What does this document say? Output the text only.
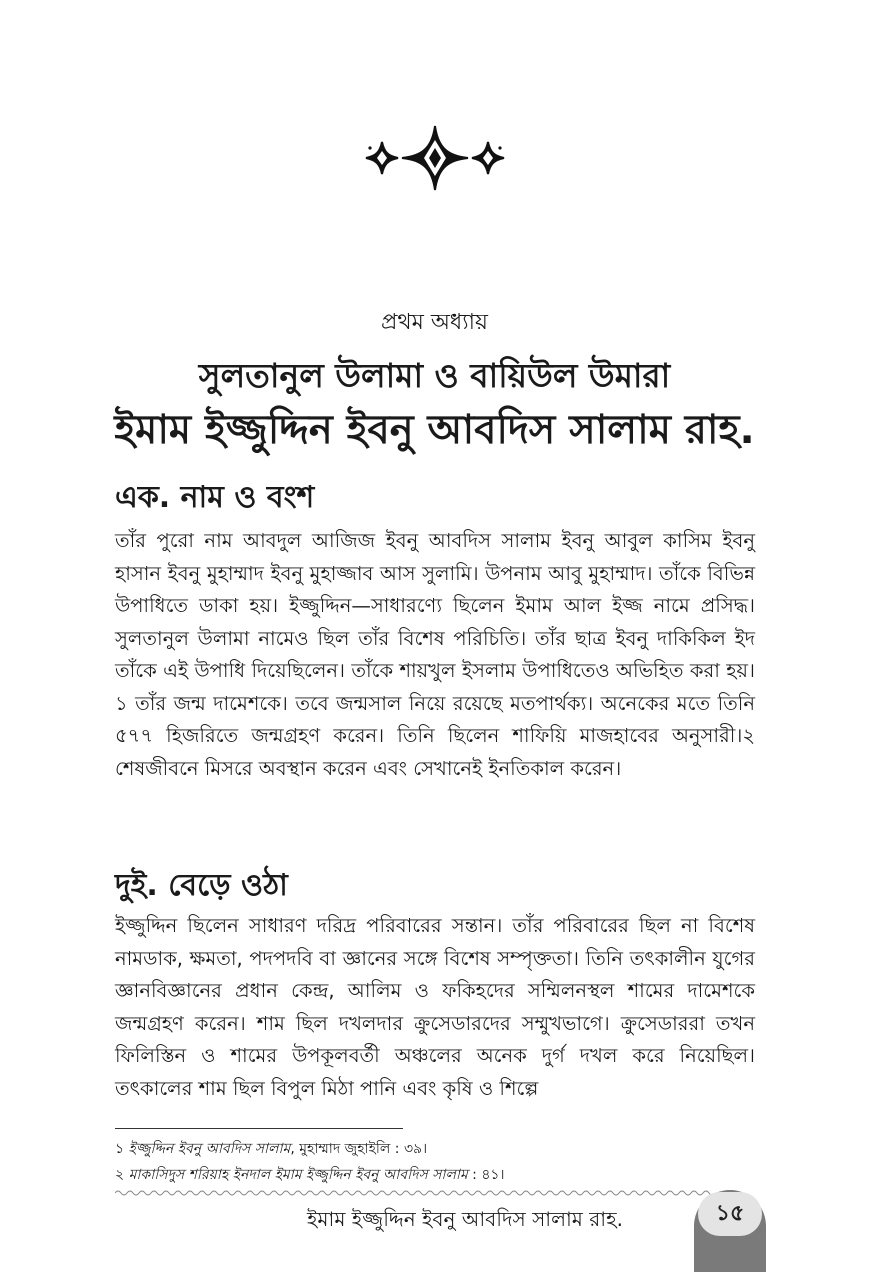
প্রথম অধ্যায়
সুলতানুল উলামা ও বায়িউল উমারা
ইমাম ইজ্জুদ্দিন ইবনু আবদিস সালাম রাহ.
এক. নাম ও বংশ

তাঁর পুরো নাম আবদুল আজিজ ইবনু আবদিস সালাম ইবনু আবুল কাসিম ইবনু হাসান ইবনু মুহাম্মাদ ইবনু মুহাজ্জাব আস সুলামি। উপনাম আবু মুহাম্মাদ। তাঁকে বিভিন্ন উপাধিতে ডাকা হয়। ইজ্জুদ্দিন—সাধারণ্যে ছিলেন ইমাম আল ইজ্জ নামে প্রসিদ্ধ। সুলতানুল উলামা নামেও ছিল তাঁর বিশেষ পরিচিতি। তাঁর ছাত্র ইবনু দাকিকিল ইদ তাঁকে এই উপাধি দিয়েছিলেন। তাঁকে শায়খুল ইসলাম উপাধিতেও অভিহিত করা হয়।১ তাঁর জন্ম দামেশকে। তবে জন্মসাল নিয়ে রয়েছে মতপার্থক্য। অনেকের মতে তিনি ৫৭৭ হিজরিতে জন্মগ্রহণ করেন। তিনি ছিলেন শাফিয়ি মাজহাবের অনুসারী।২ শেষজীবনে মিসরে অবস্থান করেন এবং সেখানেই ইনতিকাল করেন।

দুই. বেড়ে ওঠা

ইজ্জুদ্দিন ছিলেন সাধারণ দরিদ্র পরিবারের সন্তান। তাঁর পরিবারের ছিল না বিশেষ নামডাক, ক্ষমতা, পদপদবি বা জ্ঞানের সঙ্গে বিশেষ সম্পৃক্ততা। তিনি তৎকালীন যুগের জ্ঞানবিজ্ঞানের প্রধান কেন্দ্র, আলিম ও ফকিহদের সম্মিলনস্থল শামের দামেশকে জন্মগ্রহণ করেন। শাম ছিল দখলদার ক্রুসেডারদের সম্মুখভাগে। ক্রুসেডাররা তখন ফিলিস্তিন ও শামের উপকূলবর্তী অঞ্চলের অনেক দুর্গ দখল করে নিয়েছিল। তৎকালের শাম ছিল বিপুল মিঠা পানি এবং কৃষি ও শিল্পে

১ ইজ্জুদ্দিন ইবনু আবদিস সালাম, মুহাম্মাদ জুহাইলি : ৩৯।
২ মাকাসিদুস শরিয়াহ ইনদাল ইমাম ইজ্জুদ্দিন ইবনু আবদিস সালাম : ৪১।
ইমাম ইজ্জুদ্দিন ইবনু আবদিস সালাম রাহ.	১৫
